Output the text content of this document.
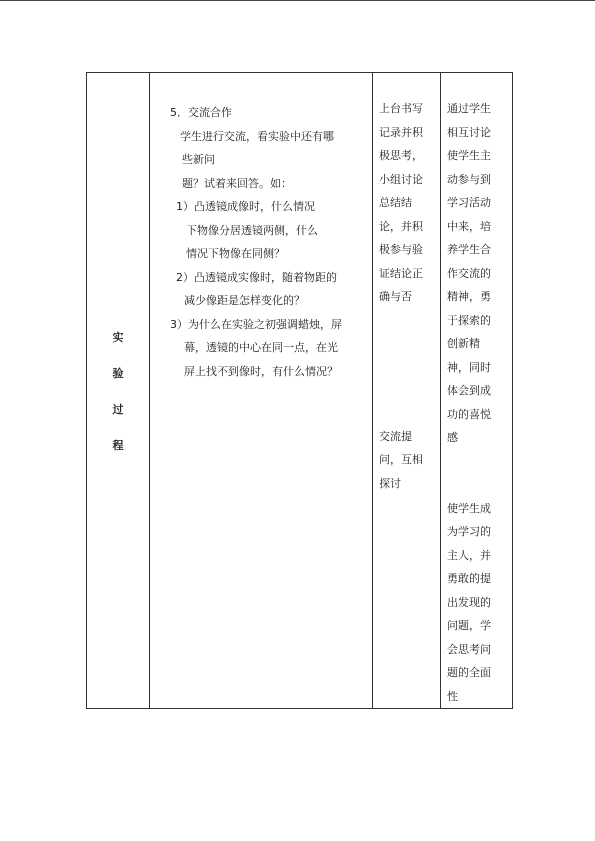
实
验
过
程

5．交流合作
学生进行交流，看实验中还有哪
些新问
题？试着来回答。如：
1）凸透镜成像时，什么情况
下物像分居透镜两侧，什么
情况下物像在同侧？
2）凸透镜成实像时，随着物距的
减少像距是怎样变化的？
3）为什么在实验之初强调蜡烛，屏
幕，透镜的中心在同一点，在光
屏上找不到像时，有什么情况？

上台书写
记录并积
极思考，
小组讨论
总结结
论，并积
极参与验
证结论正
确与否
交流提
问，互相
探讨

通过学生
相互讨论
使学生主
动参与到
学习活动
中来，培
养学生合
作交流的
精神，勇
于探索的
创新精
神，同时
体会到成
功的喜悦
感
使学生成
为学习的
主人，并
勇敢的提
出发现的
问题，学
会思考问
题的全面
性
